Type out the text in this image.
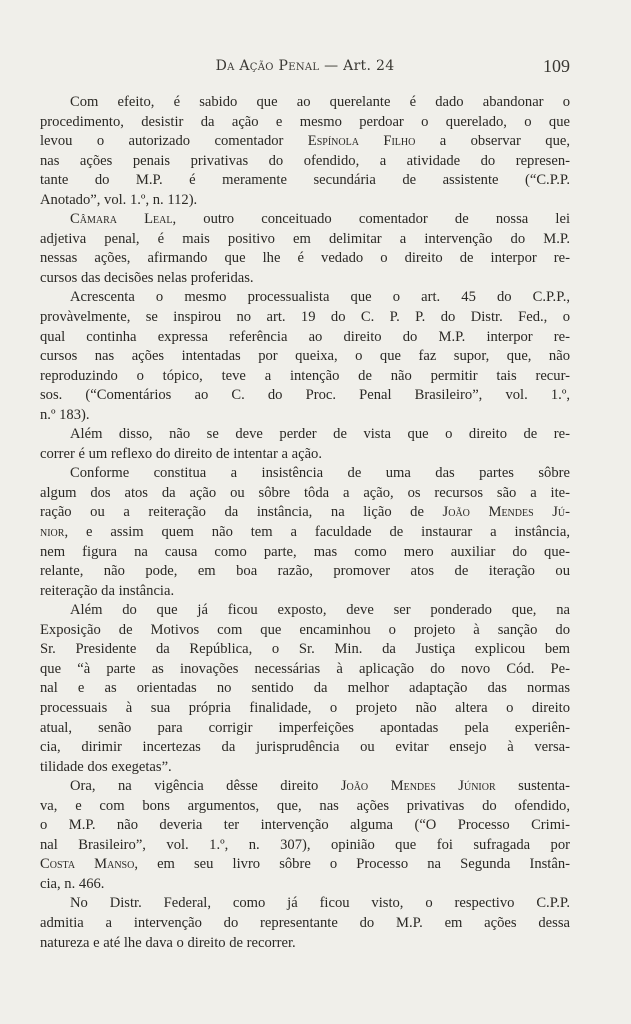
Da Ação Penal — Art. 24	109
Com efeito, é sabido que ao querelante é dado abandonar o
procedimento, desistir da ação e mesmo perdoar o querelado, o que
levou o autorizado comentador Espínola Filho a observar que,
nas ações penais privativas do ofendido, a atividade do represen-
tante do M.P. é meramente secundária de assistente (“C.P.P.
Anotado”, vol. 1.º, n. 112).
Câmara Leal, outro conceituado comentador de nossa lei
adjetiva penal, é mais positivo em delimitar a intervenção do M.P.
nessas ações, afirmando que lhe é vedado o direito de interpor re-
cursos das decisões nelas proferidas.
Acrescenta o mesmo processualista que o art. 45 do C.P.P.,
provàvelmente, se inspirou no art. 19 do C. P. P. do Distr. Fed., o
qual continha expressa referência ao direito do M.P. interpor re-
cursos nas ações intentadas por queixa, o que faz supor, que, não
reproduzindo o tópico, teve a intenção de não permitir tais recur-
sos. (“Comentários ao C. do Proc. Penal Brasileiro”, vol. 1.º,
n.º 183).
Além disso, não se deve perder de vista que o direito de re-
correr é um reflexo do direito de intentar a ação.
Conforme constitua a insistência de uma das partes sôbre
algum dos atos da ação ou sôbre tôda a ação, os recursos são a ite-
ração ou a reiteração da instância, na lição de João Mendes Jú-
nior, e assim quem não tem a faculdade de instaurar a instância,
nem figura na causa como parte, mas como mero auxiliar do que-
relante, não pode, em boa razão, promover atos de iteração ou
reiteração da instância.
Além do que já ficou exposto, deve ser ponderado que, na
Exposição de Motivos com que encaminhou o projeto à sanção do
Sr. Presidente da República, o Sr. Min. da Justiça explicou bem
que “à parte as inovações necessárias à aplicação do novo Cód. Pe-
nal e as orientadas no sentido da melhor adaptação das normas
processuais à sua própria finalidade, o projeto não altera o direito
atual, senão para corrigir imperfeições apontadas pela experiên-
cia, dirimir incertezas da jurisprudência ou evitar ensejo à versa-
tilidade dos exegetas”.
Ora, na vigência dêsse direito João Mendes Júnior sustenta-
va, e com bons argumentos, que, nas ações privativas do ofendido,
o M.P. não deveria ter intervenção alguma (“O Processo Crimi-
nal Brasileiro”, vol. 1.º, n. 307), opinião que foi sufragada por
Costa Manso, em seu livro sôbre o Processo na Segunda Instân-
cia, n. 466.
No Distr. Federal, como já ficou visto, o respectivo C.P.P.
admitia a intervenção do representante do M.P. em ações dessa
natureza e até lhe dava o direito de recorrer.
